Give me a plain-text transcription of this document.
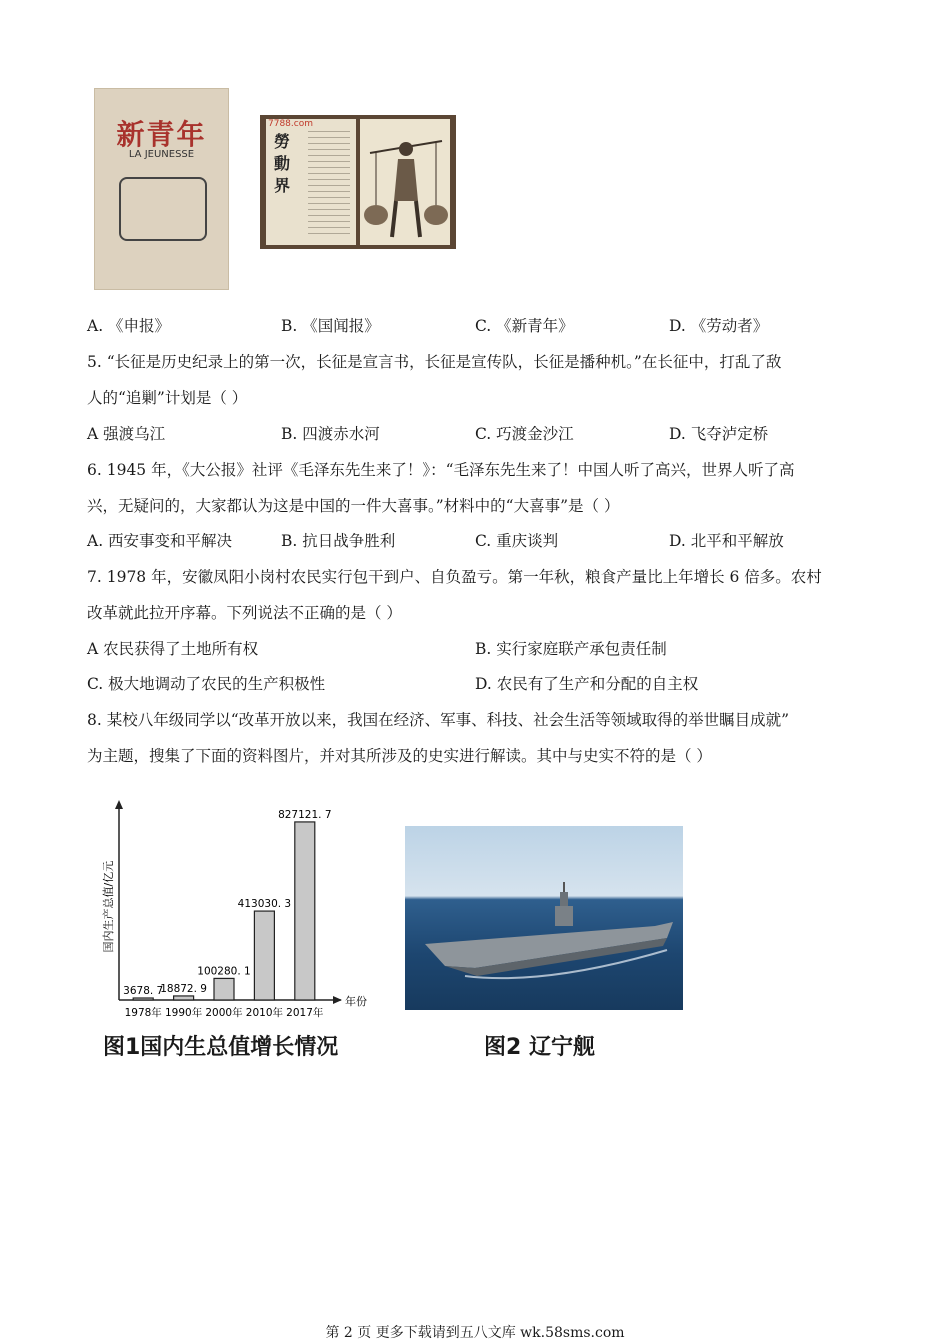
新青年
LA JEUNESSE
7788.com
勞動界
A. 《申报》	B. 《国闻报》	C. 《新青年》	D. 《劳动者》
5. “长征是历史纪录上的第一次，长征是宣言书，长征是宣传队，长征是播种机。”在长征中，打乱了敌
人的“追剿”计划是（ ）
A 强渡乌江	B. 四渡赤水河	C. 巧渡金沙江	D. 飞夺泸定桥
6. 1945 年，《大公报》社评《毛泽东先生来了！》：“毛泽东先生来了！中国人听了高兴，世界人听了高
兴，无疑问的，大家都认为这是中国的一件大喜事。”材料中的“大喜事”是（ ）
A. 西安事变和平解决	B. 抗日战争胜利	C. 重庆谈判	D. 北平和平解放
7. 1978 年，安徽凤阳小岗村农民实行包干到户、自负盈亏。第一年秋，粮食产量比上年增长 6 倍多。农村
改革就此拉开序幕。下列说法不正确的是（ ）
A 农民获得了土地所有权	B. 实行家庭联产承包责任制
C. 极大地调动了农民的生产积极性	D. 农民有了生产和分配的自主权
8. 某校八年级同学以“改革开放以来，我国在经济、军事、科技、社会生活等领域取得的举世瞩目成就”
为主题，搜集了下面的资料图片，并对其所涉及的史实进行解读。其中与史实不符的是（ ）
国内生产总值/亿元
年份
3678. 7
1978年
18872. 9
1990年
100280. 1
2000年
413030. 3
2010年
827121. 7
2017年
图1国内生总值增长情况	图2 辽宁舰
第 2 页 更多下载请到五八文库 wk.58sms.com
